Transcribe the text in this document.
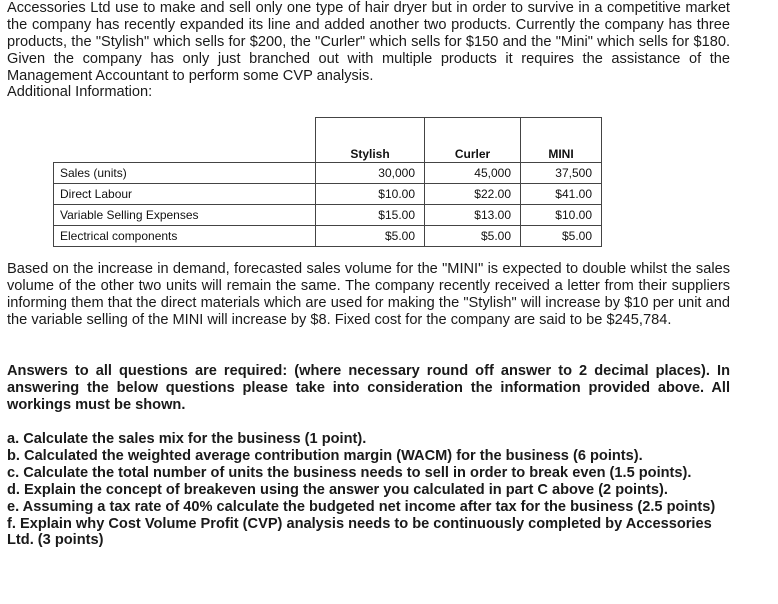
Accessories Ltd use to make and sell only one type of hair dryer but in order to survive in a competitive market the company has recently expanded its line and added another two products. Currently the company has three products, the "Stylish" which sells for $200, the "Curler" which sells for $150 and the "Mini" which sells for $180. Given the company has only just branched out with multiple products it requires the assistance of the Management Accountant to perform some CVP analysis.

Additional Information:

	Stylish	Curler	MINI
Sales (units)	30,000	45,000	37,500
Direct Labour	$10.00	$22.00	$41.00
Variable Selling Expenses	$15.00	$13.00	$10.00
Electrical components	$5.00	$5.00	$5.00

Based on the increase in demand, forecasted sales volume for the "MINI" is expected to double whilst the sales volume of the other two units will remain the same. The company recently received a letter from their suppliers informing them that the direct materials which are used for making the "Stylish" will increase by $10 per unit and the variable selling of the MINI will increase by $8. Fixed cost for the company are said to be $245,784.

Answers to all questions are required: (where necessary round off answer to 2 decimal places). In answering the below questions please take into consideration the information provided above. All workings must be shown.

a. Calculate the sales mix for the business (1 point).
b. Calculated the weighted average contribution margin (WACM) for the business (6 points).
c. Calculate the total number of units the business needs to sell in order to break even (1.5 points).
d. Explain the concept of breakeven using the answer you calculated in part C above (2 points).
e. Assuming a tax rate of 40% calculate the budgeted net income after tax for the business (2.5 points)
f. Explain why Cost Volume Profit (CVP) analysis needs to be continuously completed by Accessories Ltd. (3 points)
